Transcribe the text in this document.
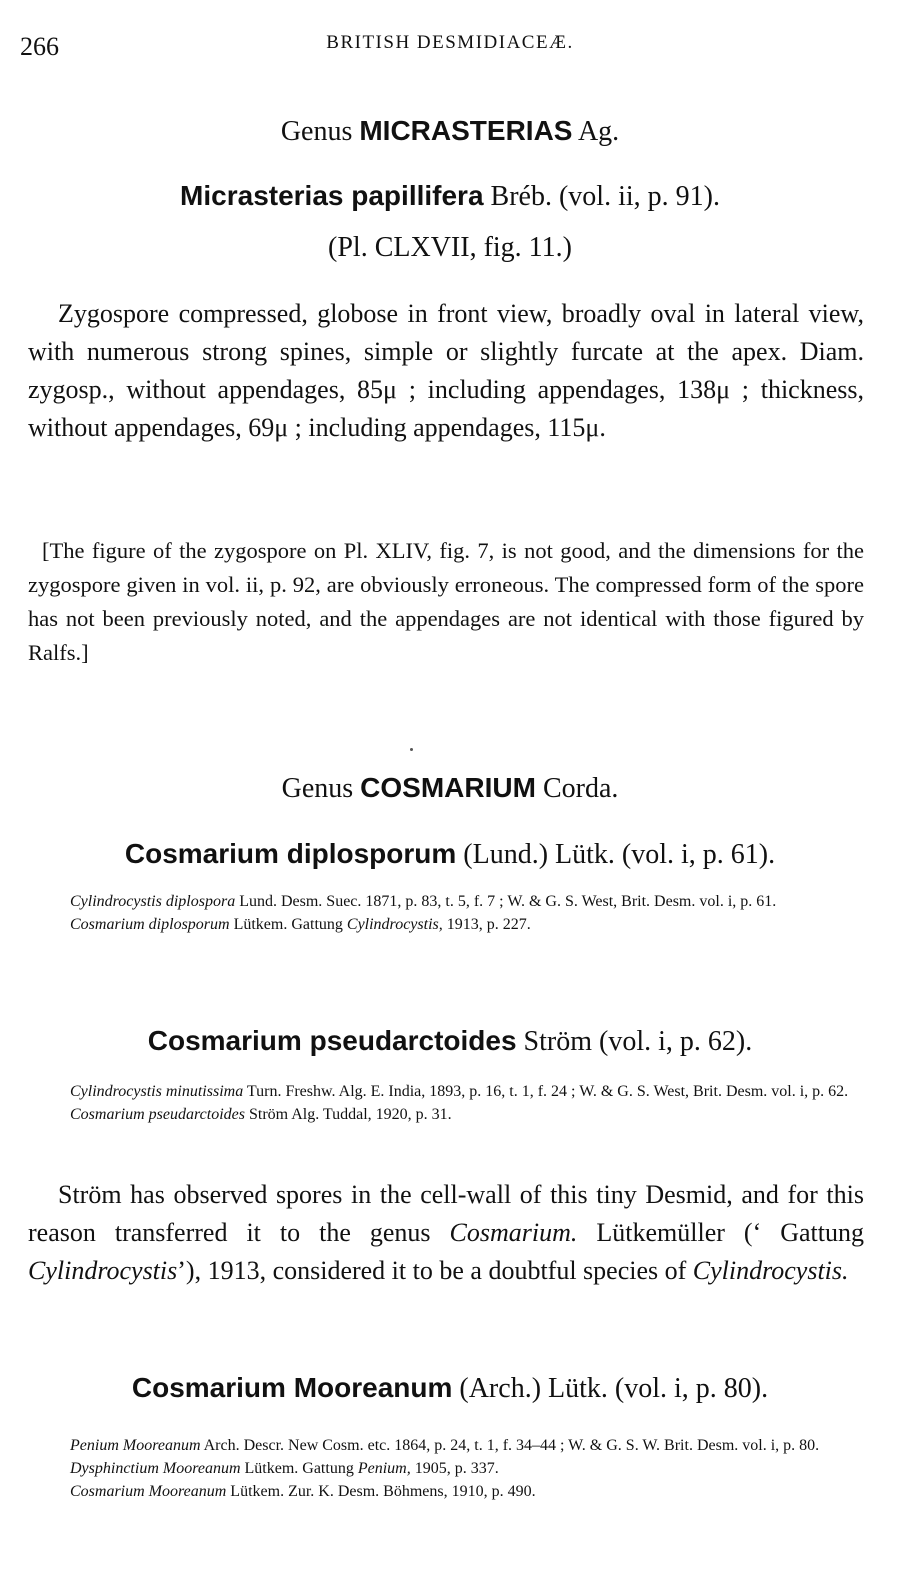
266	BRITISH DESMIDIACEÆ.
Genus MICRASTERIAS Ag.
Micrasterias papillifera Bréb. (vol. ii, p. 91).
(Pl. CLXVII, fig. 11.)
Zygospore compressed, globose in front view, broadly oval in lateral view, with numerous strong spines, simple or slightly furcate at the apex. Diam. zygosp., without appendages, 85μ ; including appendages, 138μ ; thickness, without appendages, 69μ ; including appendages, 115μ.
[The figure of the zygospore on Pl. XLIV, fig. 7, is not good, and the dimensions for the zygospore given in vol. ii, p. 92, are obviously erroneous. The compressed form of the spore has not been previously noted, and the appendages are not identical with those figured by Ralfs.]
Genus COSMARIUM Corda.
Cosmarium diplosporum (Lund.) Lütk. (vol. i, p. 61).
Cylindrocystis diplospora Lund. Desm. Suec. 1871, p. 83, t. 5, f. 7 ; W. & G. S. West, Brit. Desm. vol. i, p. 61.
Cosmarium diplosporum Lütkem. Gattung Cylindrocystis, 1913, p. 227.
Cosmarium pseudarctoides Ström (vol. i, p. 62).
Cylindrocystis minutissima Turn. Freshw. Alg. E. India, 1893, p. 16, t. 1, f. 24 ; W. & G. S. West, Brit. Desm. vol. i, p. 62.
Cosmarium pseudarctoides Ström Alg. Tuddal, 1920, p. 31.
Ström has observed spores in the cell-wall of this tiny Desmid, and for this reason transferred it to the genus Cosmarium. Lütkemüller (‘ Gattung Cylindrocystis’), 1913, considered it to be a doubtful species of Cylindrocystis.
Cosmarium Mooreanum (Arch.) Lütk. (vol. i, p. 80).
Penium Mooreanum Arch. Descr. New Cosm. etc. 1864, p. 24, t. 1, f. 34–44 ; W. & G. S. W. Brit. Desm. vol. i, p. 80.
Dysphinctium Mooreanum Lütkem. Gattung Penium, 1905, p. 337.
Cosmarium Mooreanum Lütkem. Zur. K. Desm. Böhmens, 1910, p. 490.
